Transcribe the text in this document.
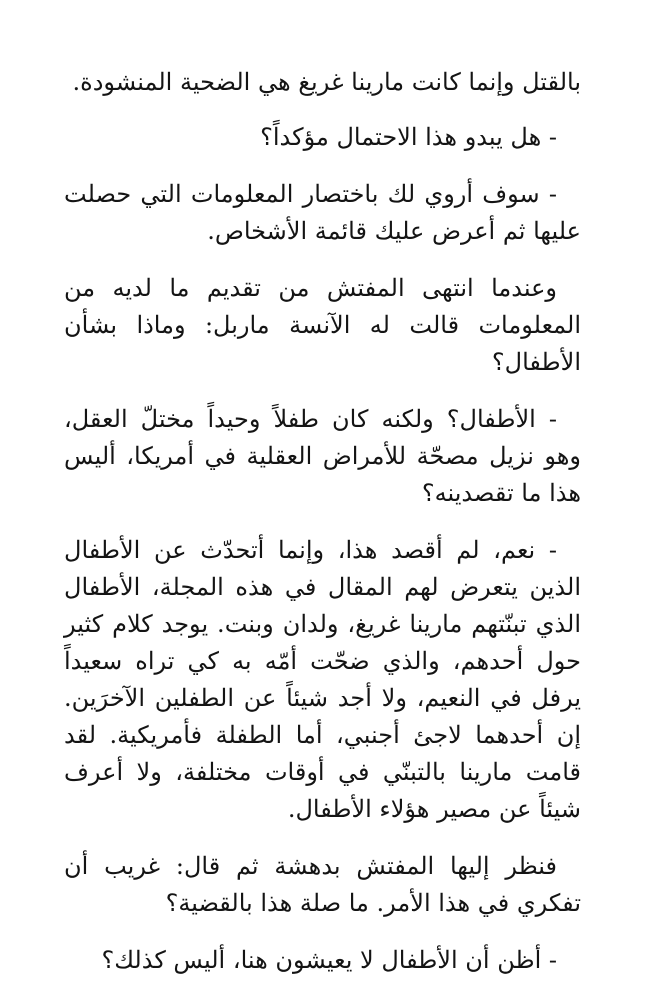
بالقتل وإنما كانت مارينا غريغ هي الضحية المنشودة.

- هل يبدو هذا الاحتمال مؤكداً؟

- سوف أروي لك باختصار المعلومات التي حصلت عليها ثم أعرض عليك قائمة الأشخاص.

وعندما انتهى المفتش من تقديم ما لديه من المعلومات قالت له الآنسة ماربل: وماذا بشأن الأطفال؟

- الأطفال؟ ولكنه كان طفلاً وحيداً مختلّ العقل، وهو نزيل مصحّة للأمراض العقلية في أمريكا، أليس هذا ما تقصدينه؟

- نعم، لم أقصد هذا، وإنما أتحدّث عن الأطفال الذين يتعرض لهم المقال في هذه المجلة، الأطفال الذي تبنّتهم مارينا غريغ، ولدان وبنت. يوجد كلام كثير حول أحدهم، والذي ضحّت أمّه به كي تراه سعيداً يرفل في النعيم، ولا أجد شيئاً عن الطفلين الآخرَين. إن أحدهما لاجئ أجنبي، أما الطفلة فأمريكية. لقد قامت مارينا بالتبنّي في أوقات مختلفة، ولا أعرف شيئاً عن مصير هؤلاء الأطفال.

فنظر إليها المفتش بدهشة ثم قال: غريب أن تفكري في هذا الأمر. ما صلة هذا بالقضية؟

- أظن أن الأطفال لا يعيشون هنا، أليس كذلك؟
